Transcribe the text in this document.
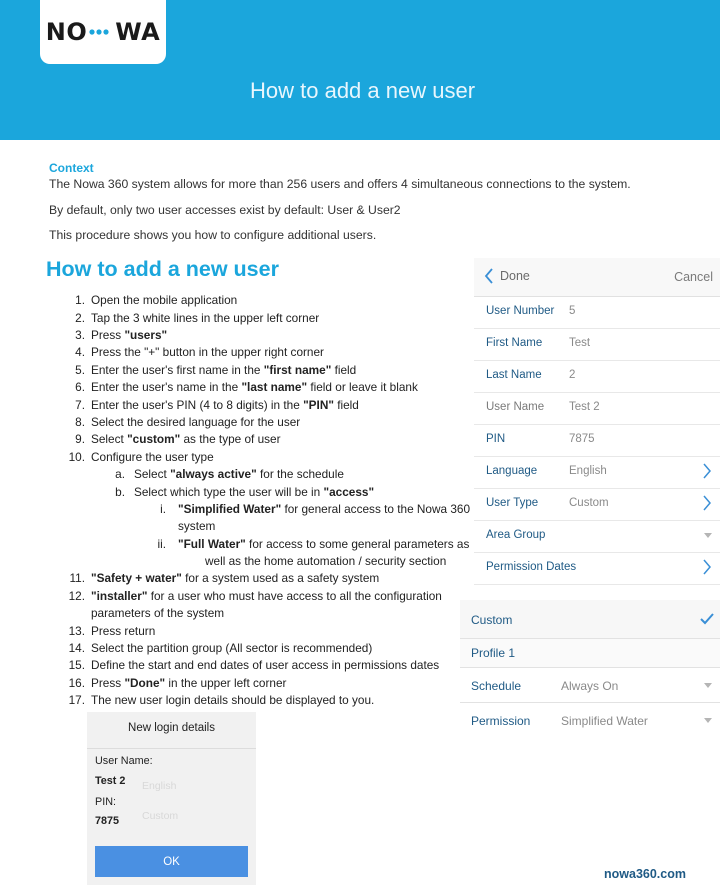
NO WA
How to add a new user
Context
The Nowa 360 system allows for more than 256 users and offers 4 simultaneous connections to the system.
By default, only two user accesses exist by default: User & User2
This procedure shows you how to configure additional users.
How to add a new user
1. Open the mobile application
2. Tap the 3 white lines in the upper left corner
3. Press "users"
4. Press the "+" button in the upper right corner
5. Enter the user's first name in the "first name" field
6. Enter the user's name in the "last name" field or leave it blank
7. Enter the user's PIN (4 to 8 digits) in the "PIN" field
8. Select the desired language for the user
9. Select "custom" as the type of user
10. Configure the user type
a. Select "always active" for the schedule
b. Select which type the user will be in "access"
i. "Simplified Water" for general access to the Nowa 360
system
ii. "Full Water" for access to some general parameters as
well as the home automation / security section
11. "Safety + water" for a system used as a safety system
12. "installer" for a user who must have access to all the configuration
parameters of the system
13. Press return
14. Select the partition group (All sector is recommended)
15. Define the start and end dates of user access in permissions dates
16. Press "Done" in the upper left corner
17. The new user login details should be displayed to you.
Done	Cancel
User Number 5
First Name Test
Last Name 2
User Name Test 2
PIN	7875
Language	English
User Type	Custom
Area Group
Permission Dates
Custom
Profile 1
Schedule	Always On
Permission	Simplified Water
English
Custom
New login details
User Name:
Test 2
PIN:
7875
OK
nowa360.com
